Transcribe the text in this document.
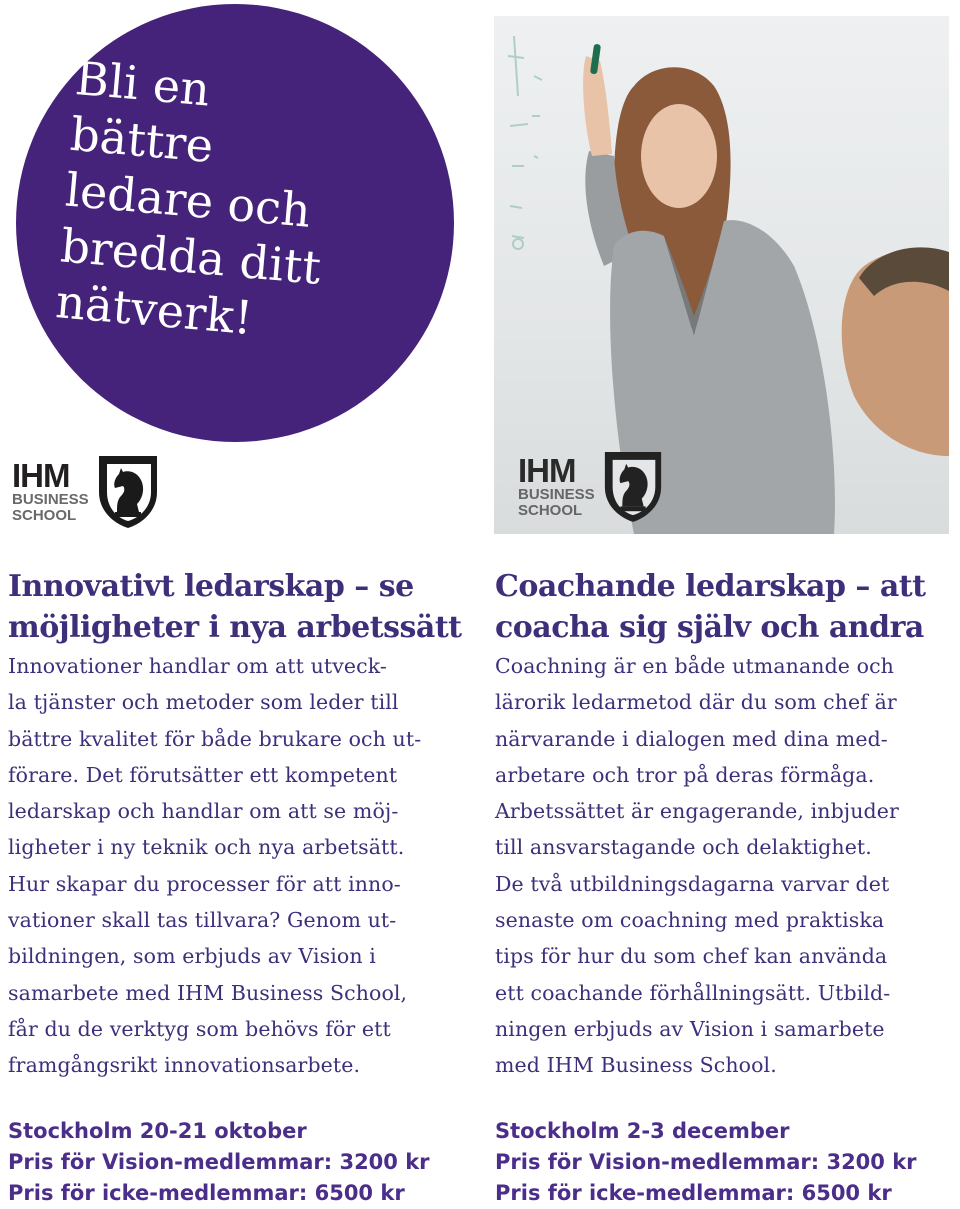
Bli en
bättre
ledare och
bredda ditt
nätverk!
IHM
BUSINESS
SCHOOL
IHM
BUSINESS
SCHOOL
Innovativt ledarskap – se
möjligheter i nya arbetssätt

Innovationer handlar om att utveck-
la tjänster och metoder som leder till
bättre kvalitet för både brukare och ut-
förare. Det förutsätter ett kompetent
ledarskap och handlar om att se möj-
ligheter i ny teknik och nya arbetsätt.
Hur skapar du processer för att inno-
vationer skall tas tillvara? Genom ut-
bildningen, som erbjuds av Vision i
samarbete med IHM Business School,
får du de verktyg som behövs för ett
framgångsrikt innovationsarbete.

Stockholm 20-21 oktober
Pris för Vision-medlemmar: 3200 kr
Pris för icke-medlemmar: 6500 kr
Coachande ledarskap – att
coacha sig själv och andra

Coachning är en både utmanande och
lärorik ledarmetod där du som chef är
närvarande i dialogen med dina med-
arbetare och tror på deras förmåga.
Arbetssättet är engagerande, inbjuder
till ansvarstagande och delaktighet.
De två utbildningsdagarna varvar det
senaste om coachning med praktiska
tips för hur du som chef kan använda
ett coachande förhållningsätt. Utbild-
ningen erbjuds av Vision i samarbete
med IHM Business School.

Stockholm 2-3 december
Pris för Vision-medlemmar: 3200 kr
Pris för icke-medlemmar: 6500 kr
